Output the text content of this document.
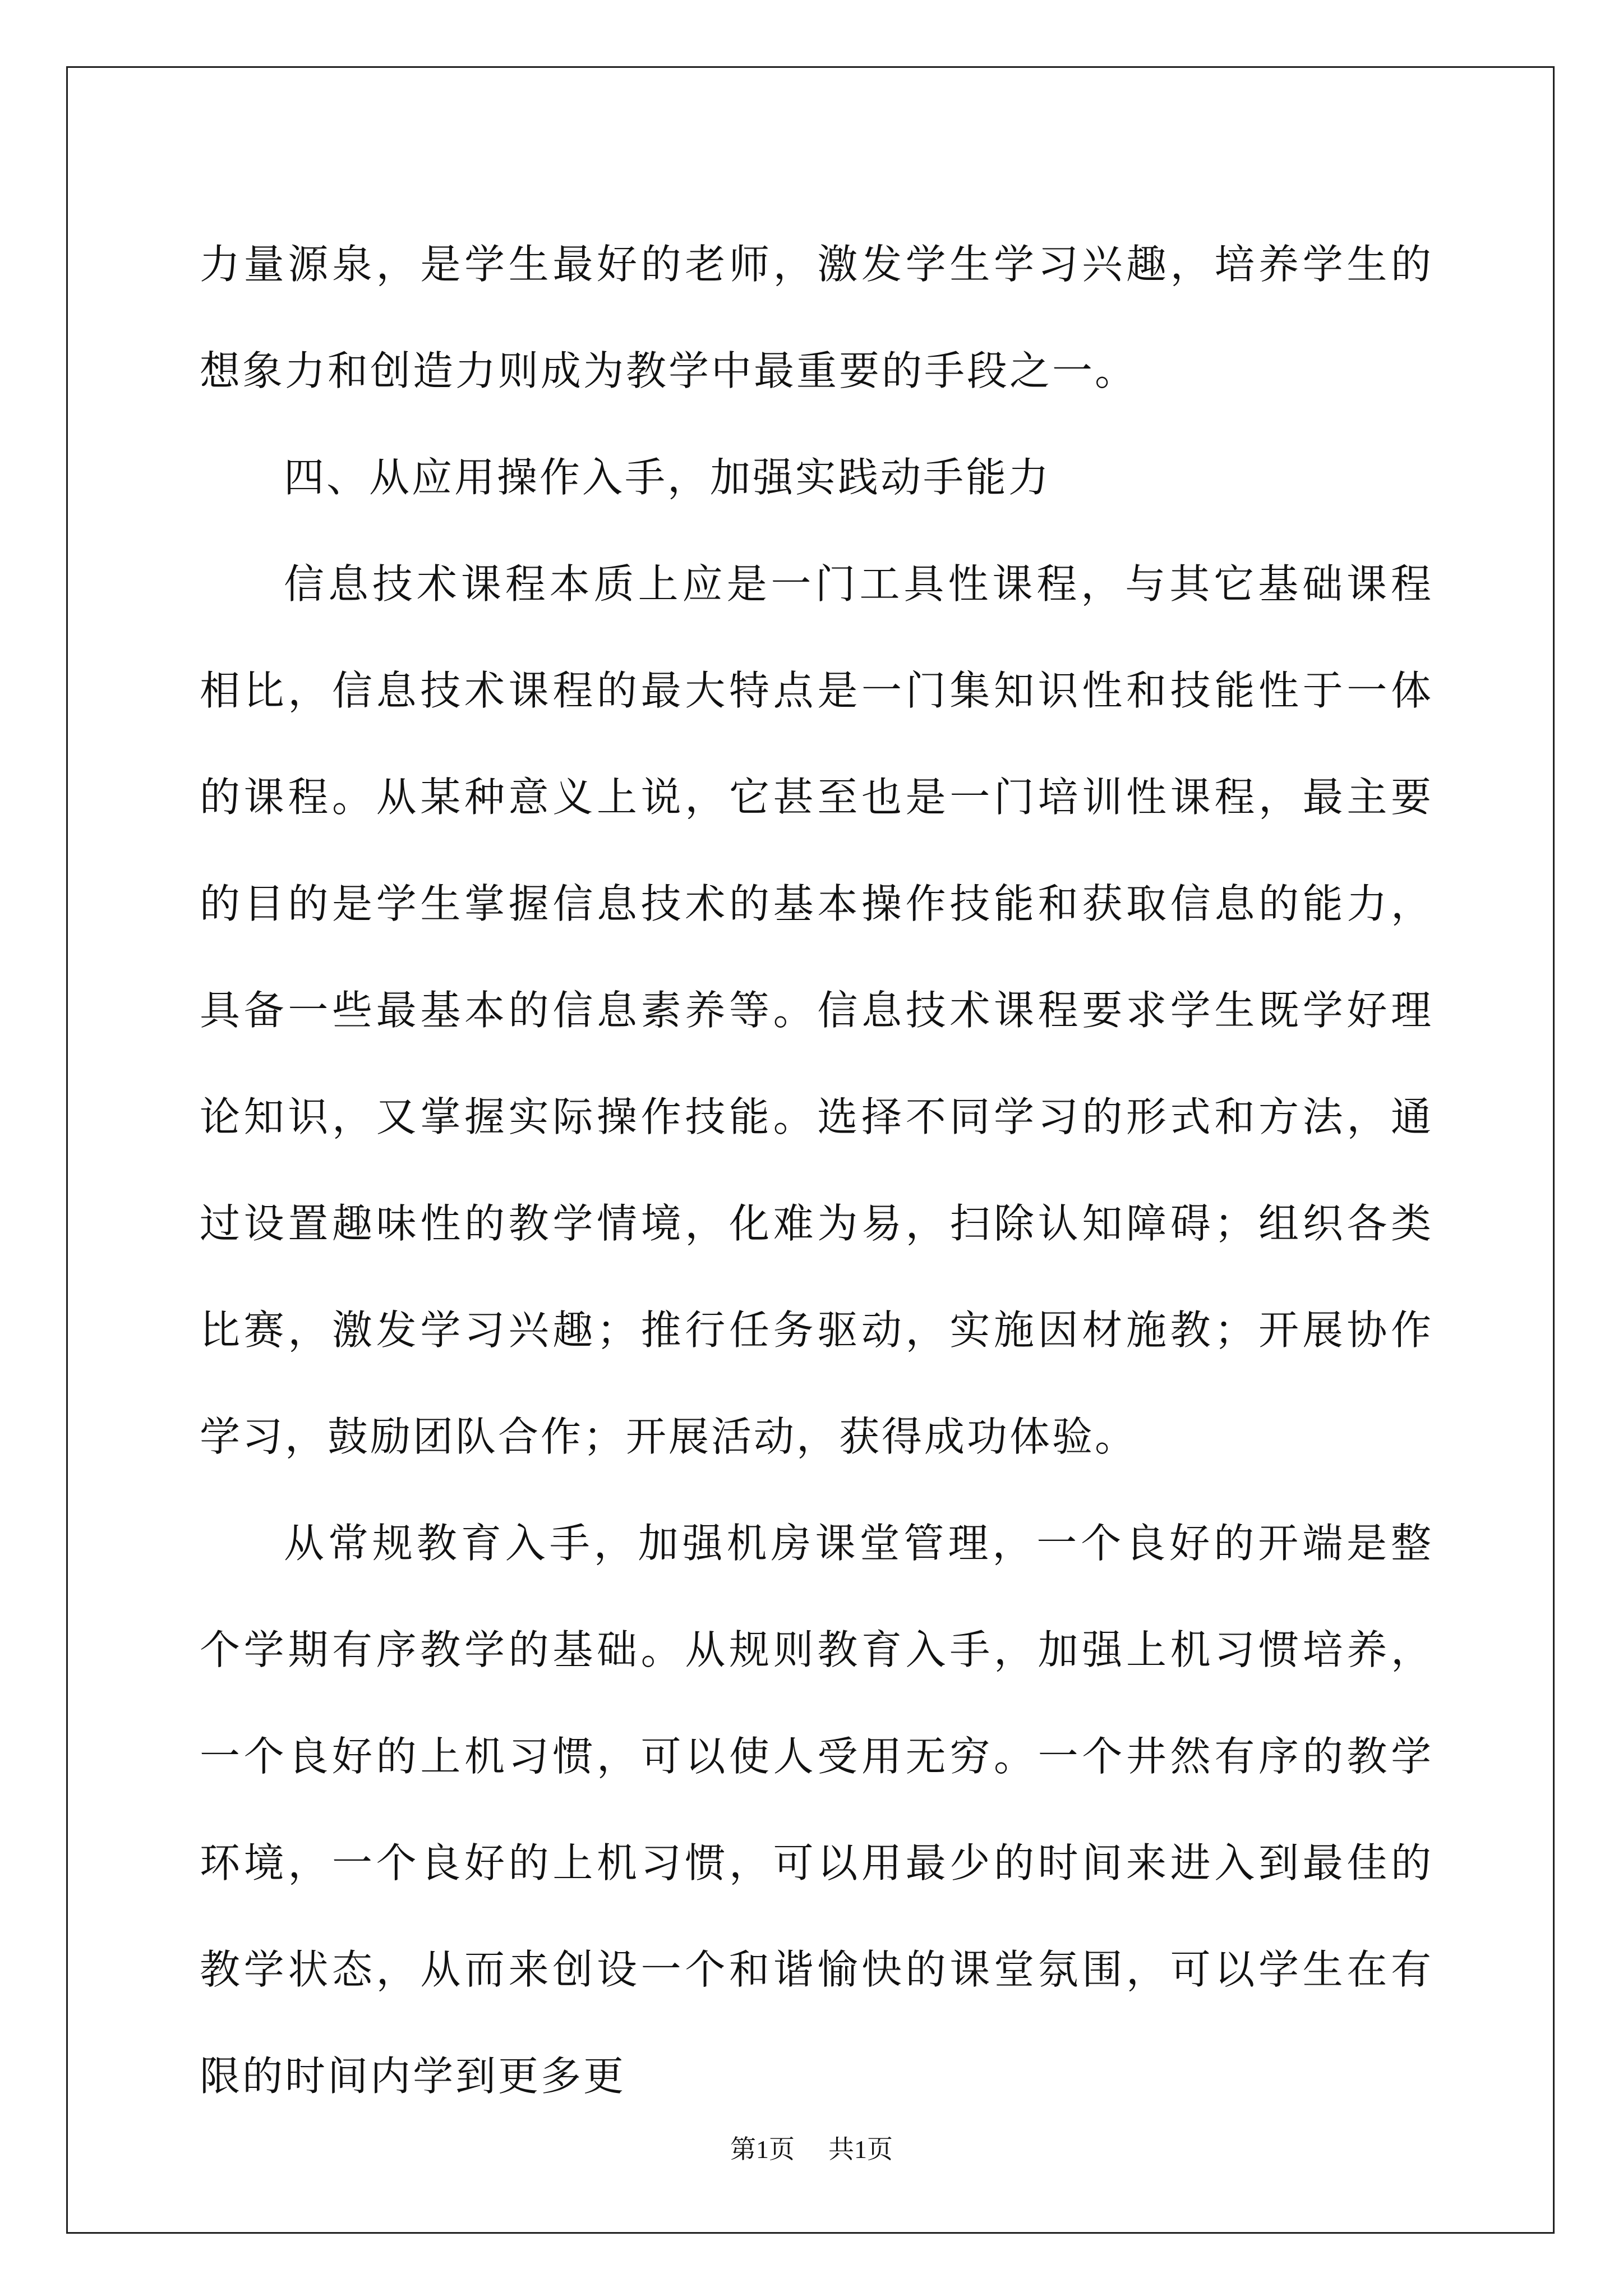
力量源泉，是学生最好的老师，激发学生学习兴趣，培养学生的想象力和创造力则成为教学中最重要的手段之一。

四、从应用操作入手，加强实践动手能力

信息技术课程本质上应是一门工具性课程，与其它基础课程相比，信息技术课程的最大特点是一门集知识性和技能性于一体的课程。从某种意义上说，它甚至也是一门培训性课程，最主要的目的是学生掌握信息技术的基本操作技能和获取信息的能力，具备一些最基本的信息素养等。信息技术课程要求学生既学好理论知识，又掌握实际操作技能。选择不同学习的形式和方法，通过设置趣味性的教学情境，化难为易，扫除认知障碍；组织各类比赛，激发学习兴趣；推行任务驱动，实施因材施教；开展协作学习，鼓励团队合作；开展活动，获得成功体验。

从常规教育入手，加强机房课堂管理，一个良好的开端是整个学期有序教学的基础。从规则教育入手，加强上机习惯培养，一个良好的上机习惯，可以使人受用无穷。一个井然有序的教学环境，一个良好的上机习惯，可以用最少的时间来进入到最佳的教学状态，从而来创设一个和谐愉快的课堂氛围，可以学生在有限的时间内学到更多更

第1页 共1页
